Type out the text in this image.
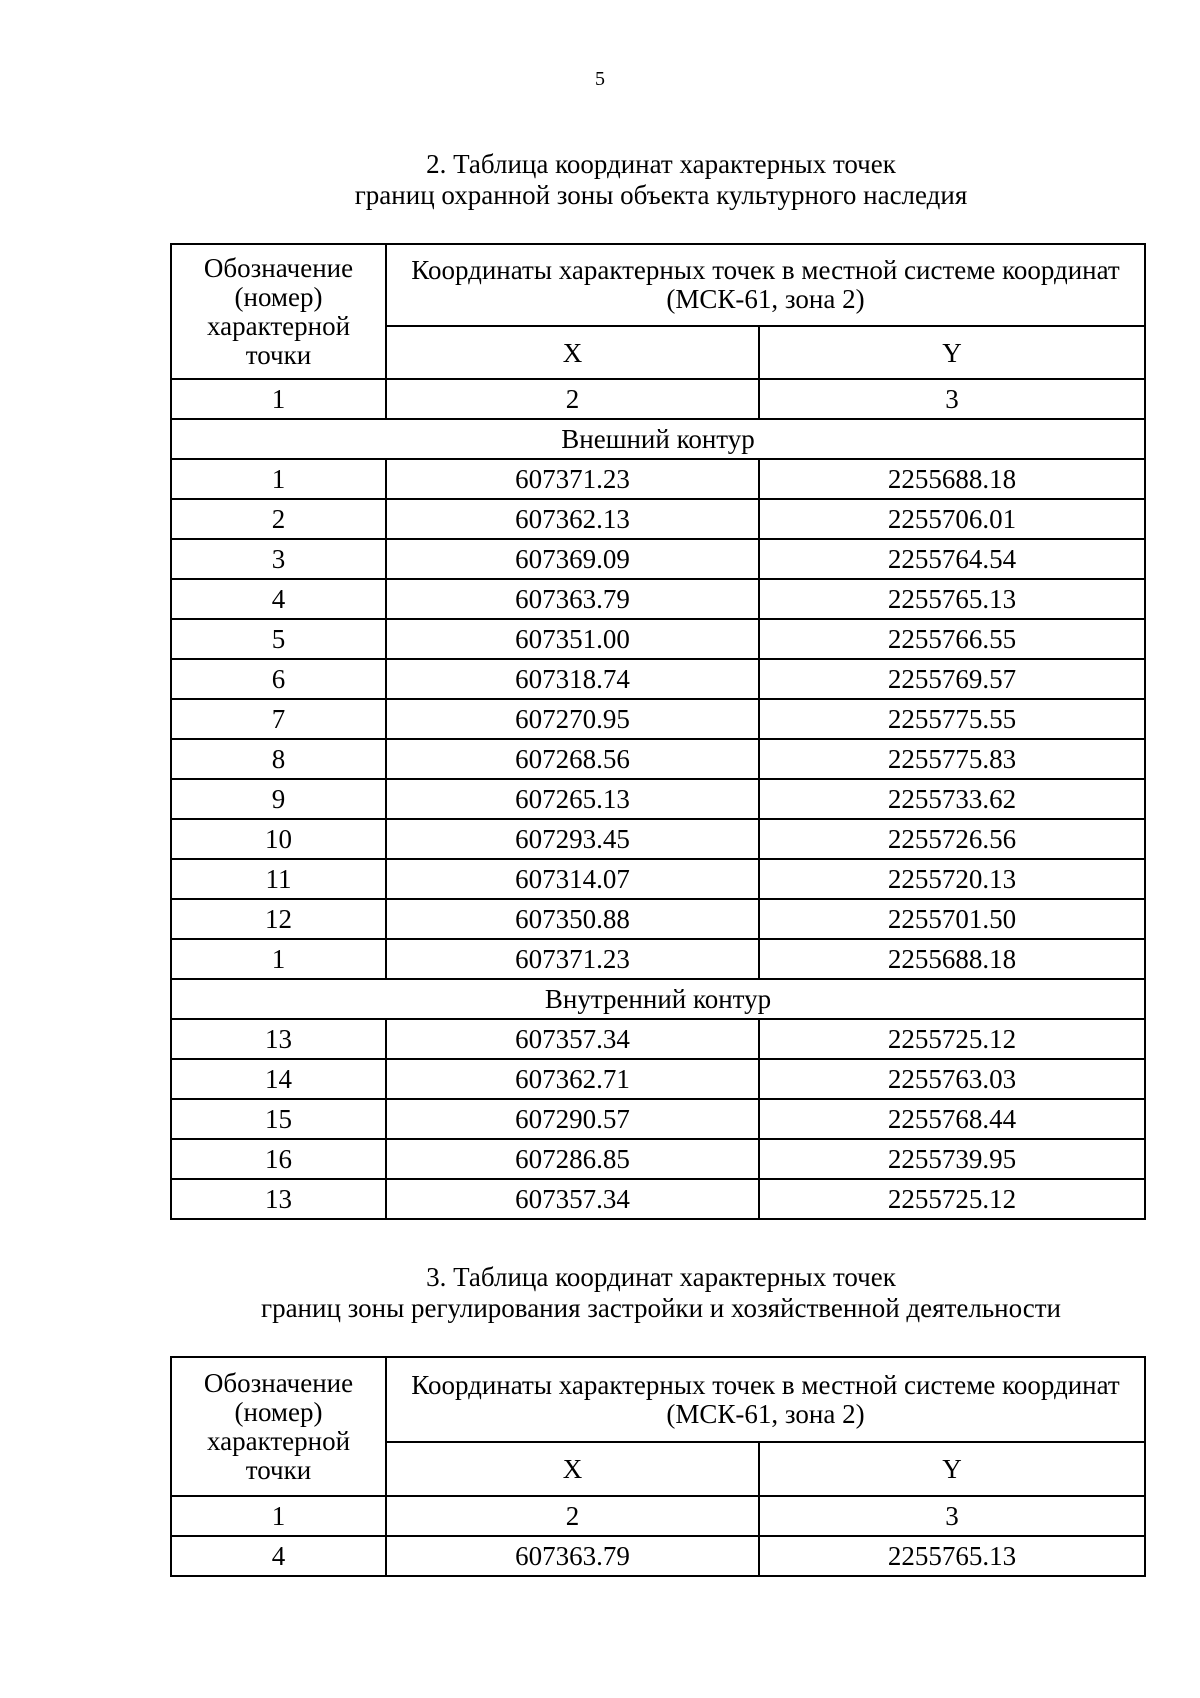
5
2. Таблица координат характерных точек
границ охранной зоны объекта культурного наследия
Обозначение (номер) характерной точки	Координаты характерных точек в местной системе координат (МСК-61, зона 2)	
	X	Y
1	2	3
Внешний контур		
1	607371.23	2255688.18
2	607362.13	2255706.01
3	607369.09	2255764.54
4	607363.79	2255765.13
5	607351.00	2255766.55
6	607318.74	2255769.57
7	607270.95	2255775.55
8	607268.56	2255775.83
9	607265.13	2255733.62
10	607293.45	2255726.56
11	607314.07	2255720.13
12	607350.88	2255701.50
1	607371.23	2255688.18
Внутренний контур		
13	607357.34	2255725.12
14	607362.71	2255763.03
15	607290.57	2255768.44
16	607286.85	2255739.95
13	607357.34	2255725.12
3. Таблица координат характерных точек
границ зоны регулирования застройки и хозяйственной деятельности
Обозначение (номер) характерной точки	Координаты характерных точек в местной системе координат (МСК-61, зона 2)	
	X	Y
1	2	3
4	607363.79	2255765.13
